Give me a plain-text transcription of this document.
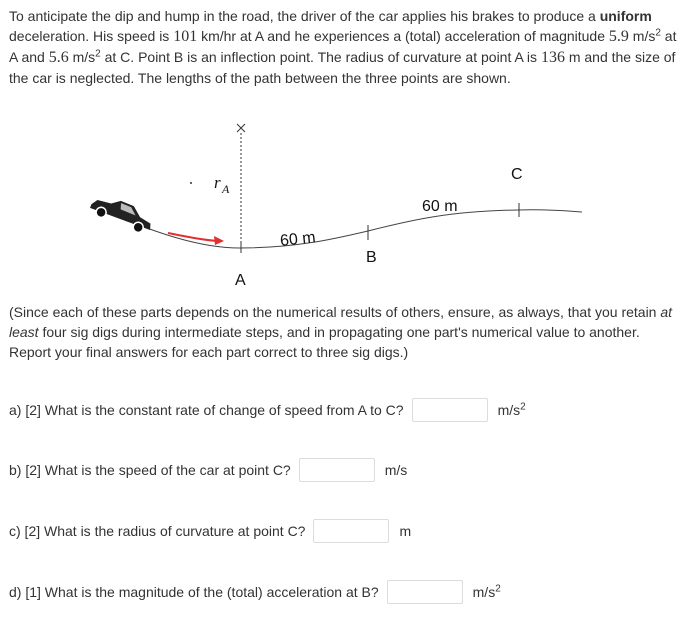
To anticipate the dip and hump in the road, the driver of the car applies his brakes to produce a uniform deceleration. His speed is 101 km/hr at A and he experiences a (total) acceleration of magnitude 5.9 $m/s^2$ at A and 5.6 $m/s^2$ at C. Point B is an inflection point. The radius of curvature at point A is 136 m and the size of the car is neglected. The lengths of the path between the three points are shown.

r A
A
B
C
60 m
60 m

(Since each of these parts depends on the numerical results of others, ensure, as always, that you retain at least four sig digs during intermediate steps, and in propagating one part's numerical value to another. Report your final answers for each part correct to three sig digs.)

a) [2] What is the constant rate of change of speed from A to C?	$m/s^2$
b) [2] What is the speed of the car at point C?	m/s
c) [2] What is the radius of curvature at point C?	m
d) [1] What is the magnitude of the (total) acceleration at B?	$m/s^2$
